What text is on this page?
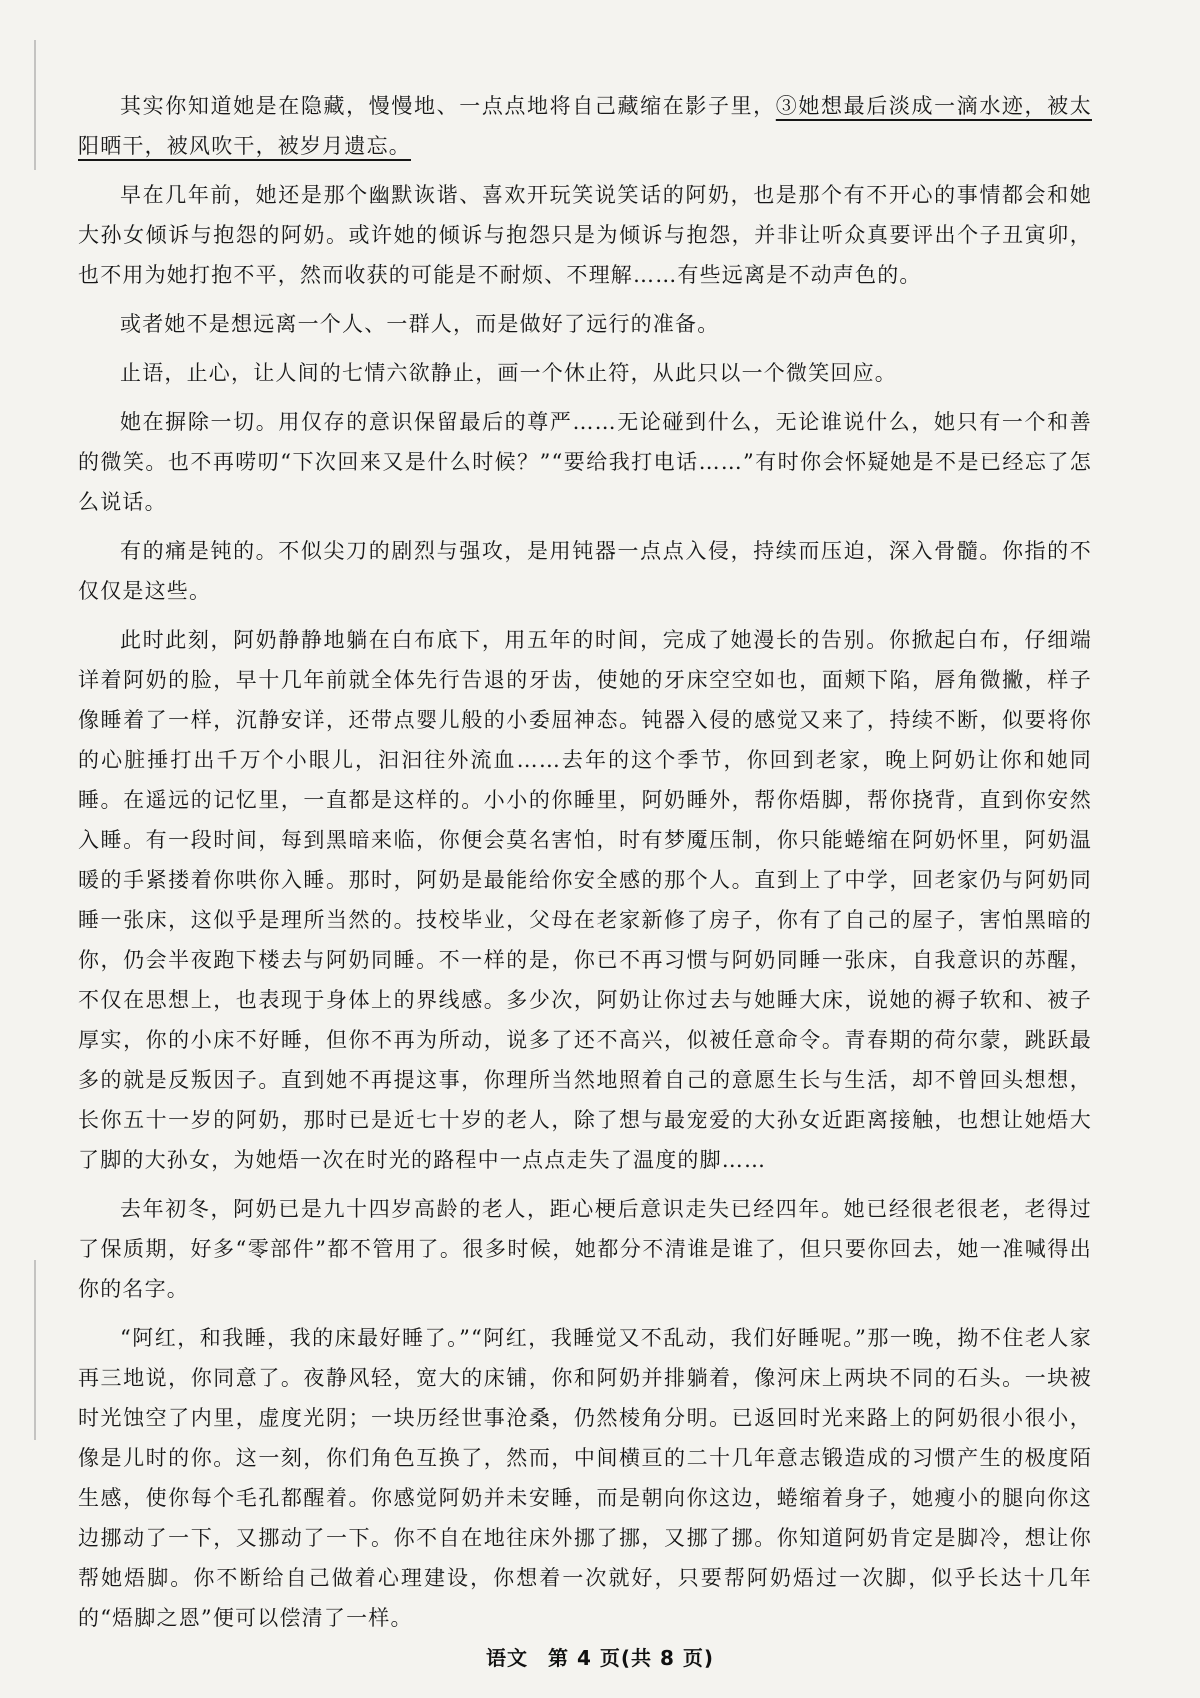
其实你知道她是在隐藏，慢慢地、一点点地将自己藏缩在影子里，③她想最后淡成一滴水迹，被太阳晒干，被风吹干，被岁月遗忘。

早在几年前，她还是那个幽默诙谐、喜欢开玩笑说笑话的阿奶，也是那个有不开心的事情都会和她大孙女倾诉与抱怨的阿奶。或许她的倾诉与抱怨只是为倾诉与抱怨，并非让听众真要评出个子丑寅卯，也不用为她打抱不平，然而收获的可能是不耐烦、不理解……有些远离是不动声色的。

或者她不是想远离一个人、一群人，而是做好了远行的准备。

止语，止心，让人间的七情六欲静止，画一个休止符，从此只以一个微笑回应。

她在摒除一切。用仅存的意识保留最后的尊严……无论碰到什么，无论谁说什么，她只有一个和善的微笑。也不再唠叨“下次回来又是什么时候？”“要给我打电话……”有时你会怀疑她是不是已经忘了怎么说话。

有的痛是钝的。不似尖刀的剧烈与强攻，是用钝器一点点入侵，持续而压迫，深入骨髓。你指的不仅仅是这些。

此时此刻，阿奶静静地躺在白布底下，用五年的时间，完成了她漫长的告别。你掀起白布，仔细端详着阿奶的脸，早十几年前就全体先行告退的牙齿，使她的牙床空空如也，面颊下陷，唇角微撇，样子像睡着了一样，沉静安详，还带点婴儿般的小委屈神态。钝器入侵的感觉又来了，持续不断，似要将你的心脏捶打出千万个小眼儿，汩汩往外流血……去年的这个季节，你回到老家，晚上阿奶让你和她同睡。在遥远的记忆里，一直都是这样的。小小的你睡里，阿奶睡外，帮你焐脚，帮你挠背，直到你安然入睡。有一段时间，每到黑暗来临，你便会莫名害怕，时有梦魇压制，你只能蜷缩在阿奶怀里，阿奶温暖的手紧搂着你哄你入睡。那时，阿奶是最能给你安全感的那个人。直到上了中学，回老家仍与阿奶同睡一张床，这似乎是理所当然的。技校毕业，父母在老家新修了房子，你有了自己的屋子，害怕黑暗的你，仍会半夜跑下楼去与阿奶同睡。不一样的是，你已不再习惯与阿奶同睡一张床，自我意识的苏醒，不仅在思想上，也表现于身体上的界线感。多少次，阿奶让你过去与她睡大床，说她的褥子软和、被子厚实，你的小床不好睡，但你不再为所动，说多了还不高兴，似被任意命令。青春期的荷尔蒙，跳跃最多的就是反叛因子。直到她不再提这事，你理所当然地照着自己的意愿生长与生活，却不曾回头想想，长你五十一岁的阿奶，那时已是近七十岁的老人，除了想与最宠爱的大孙女近距离接触，也想让她焐大了脚的大孙女，为她焐一次在时光的路程中一点点走失了温度的脚……

去年初冬，阿奶已是九十四岁高龄的老人，距心梗后意识走失已经四年。她已经很老很老，老得过了保质期，好多“零部件”都不管用了。很多时候，她都分不清谁是谁了，但只要你回去，她一准喊得出你的名字。

“阿红，和我睡，我的床最好睡了。”“阿红，我睡觉又不乱动，我们好睡呢。”那一晚，拗不住老人家再三地说，你同意了。夜静风轻，宽大的床铺，你和阿奶并排躺着，像河床上两块不同的石头。一块被时光蚀空了内里，虚度光阴；一块历经世事沧桑，仍然棱角分明。已返回时光来路上的阿奶很小很小，像是儿时的你。这一刻，你们角色互换了，然而，中间横亘的二十几年意志锻造成的习惯产生的极度陌生感，使你每个毛孔都醒着。你感觉阿奶并未安睡，而是朝向你这边，蜷缩着身子，她瘦小的腿向你这边挪动了一下，又挪动了一下。你不自在地往床外挪了挪，又挪了挪。你知道阿奶肯定是脚冷，想让你帮她焐脚。你不断给自己做着心理建设，你想着一次就好，只要帮阿奶焐过一次脚，似乎长达十几年的“焐脚之恩”便可以偿清了一样。

语文 第 4 页(共 8 页)
